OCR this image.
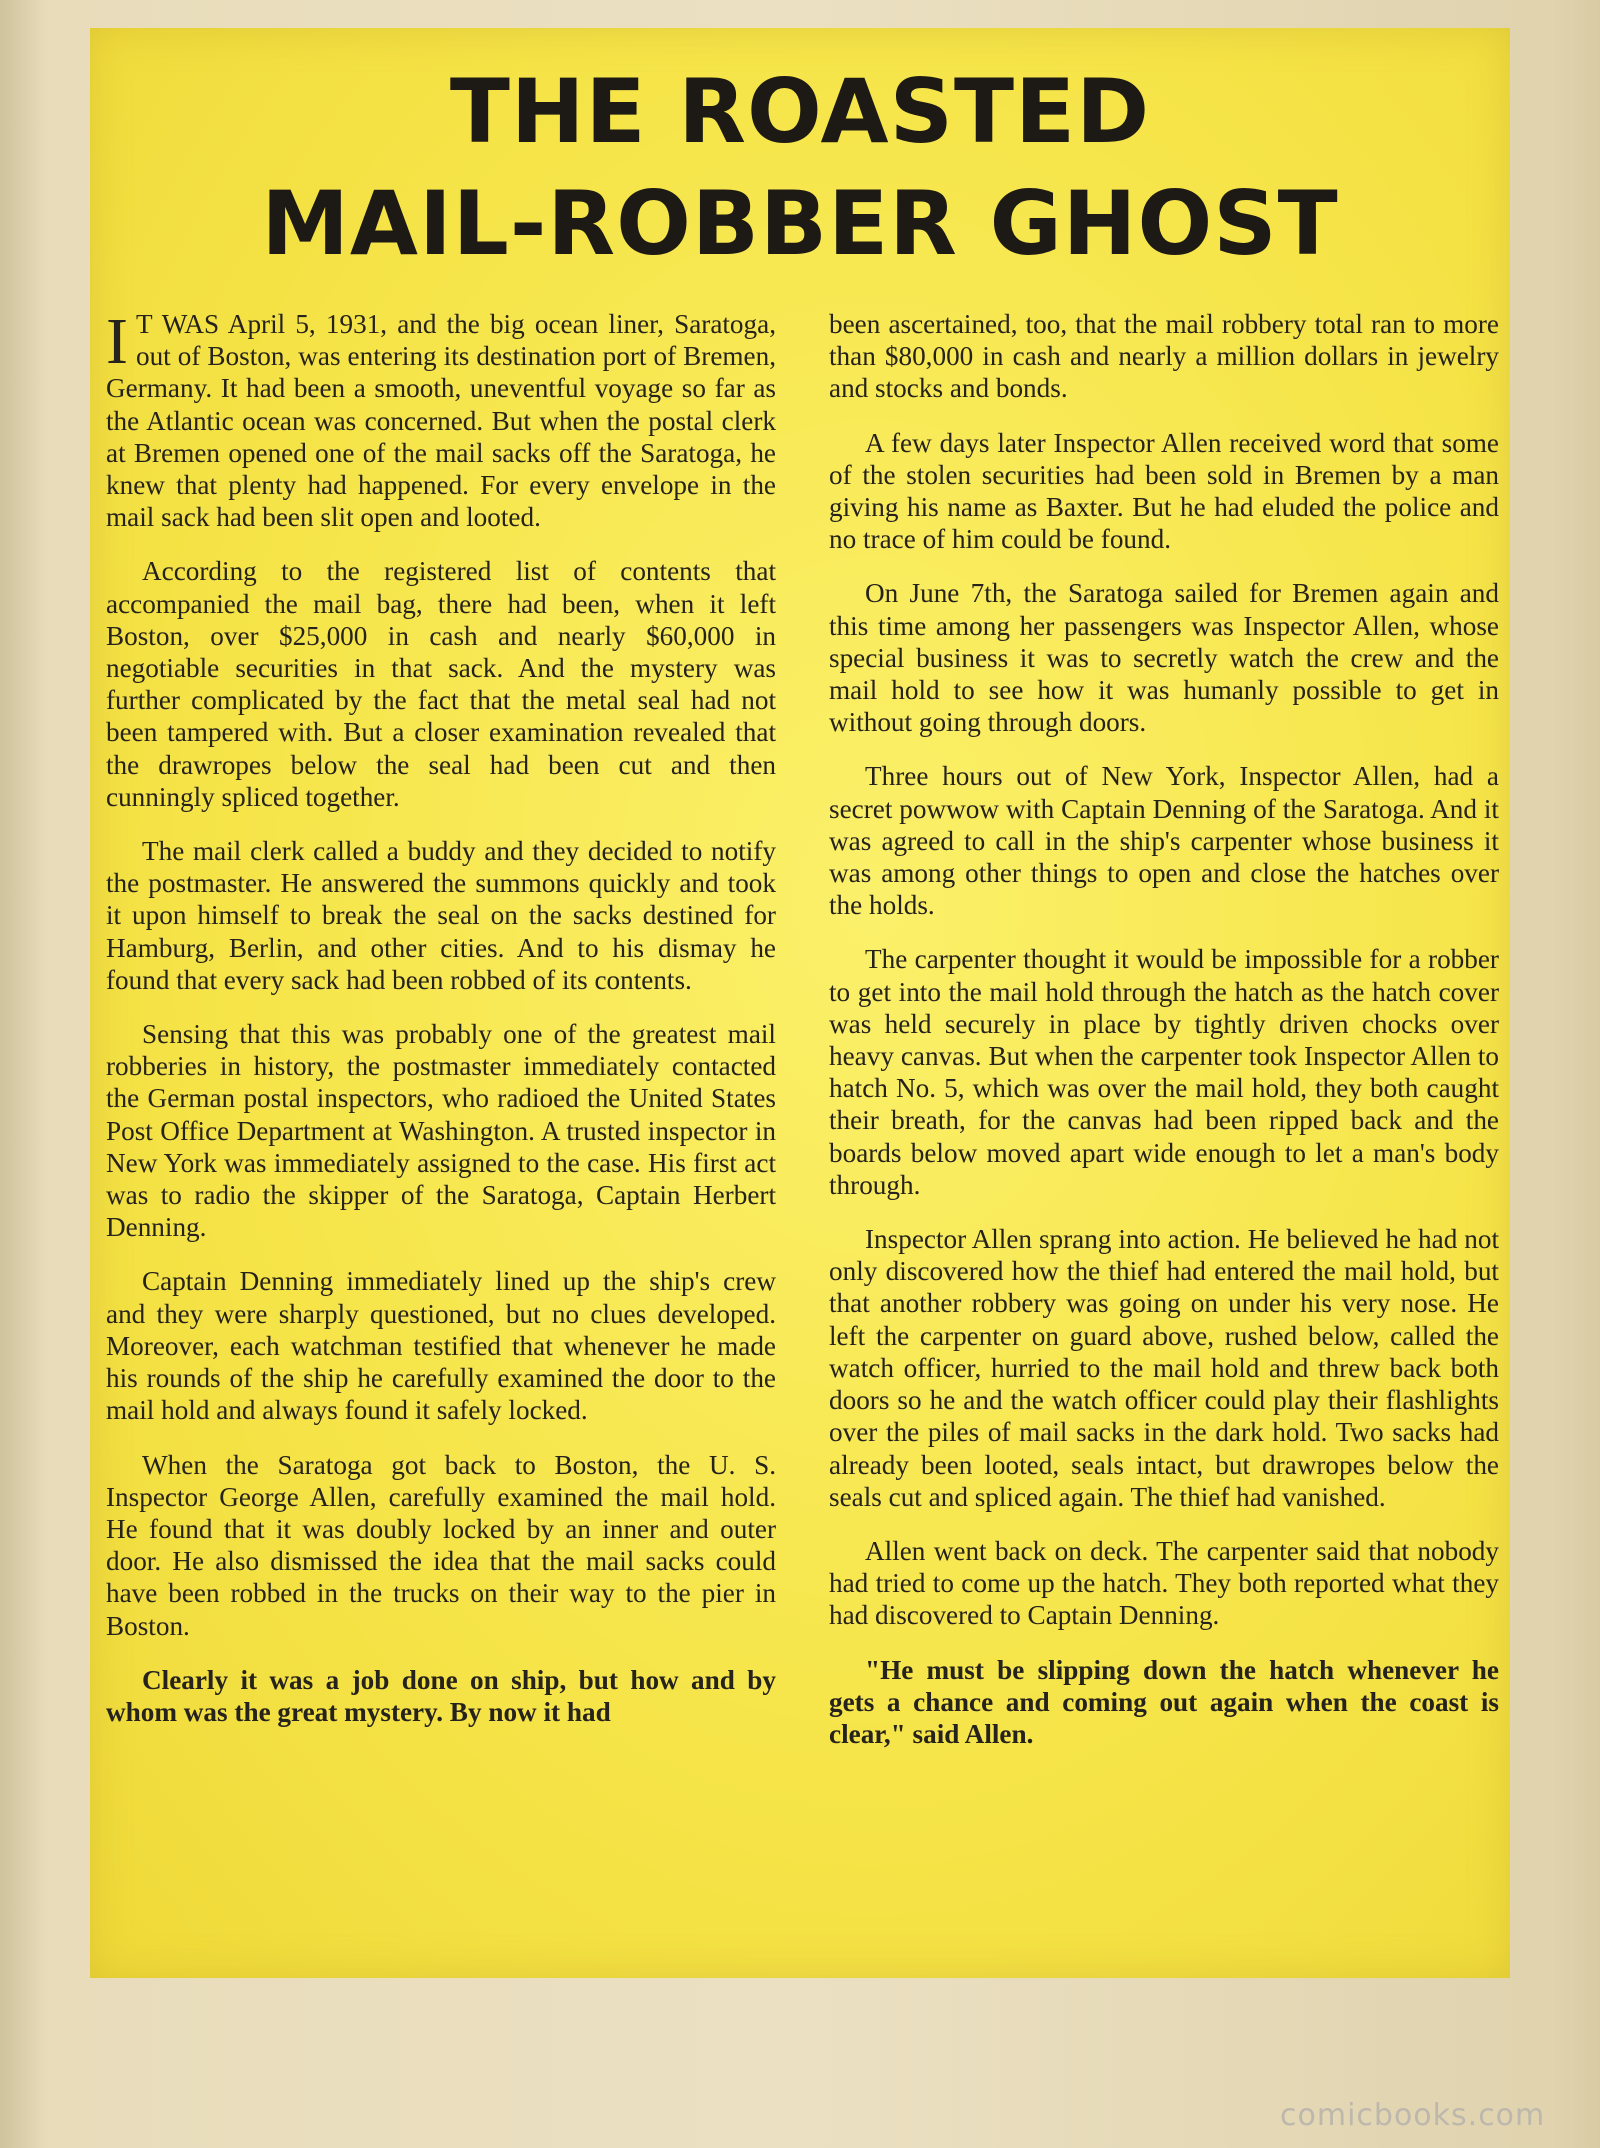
THE ROASTED
MAIL-ROBBER GHOST

I T WAS April 5, 1931, and the big ocean liner, Saratoga, out of Boston, was entering its destination port of Bremen, Germany. It had been a smooth, uneventful voyage so far as the Atlantic ocean was concerned. But when the postal clerk at Bremen opened one of the mail sacks off the Saratoga, he knew that plenty had happened. For every envelope in the mail sack had been slit open and looted.

According to the registered list of contents that accompanied the mail bag, there had been, when it left Boston, over $25,000 in cash and nearly $60,000 in negotiable securities in that sack. And the mystery was further complicated by the fact that the metal seal had not been tampered with. But a closer examination revealed that the drawropes below the seal had been cut and then cunningly spliced together.

The mail clerk called a buddy and they decided to notify the postmaster. He answered the summons quickly and took it upon himself to break the seal on the sacks destined for Hamburg, Berlin, and other cities. And to his dismay he found that every sack had been robbed of its contents.

Sensing that this was probably one of the greatest mail robberies in history, the postmaster immediately contacted the German postal inspectors, who radioed the United States Post Office Department at Washington. A trusted inspector in New York was immediately assigned to the case. His first act was to radio the skipper of the Saratoga, Captain Herbert Denning.

Captain Denning immediately lined up the ship's crew and they were sharply questioned, but no clues developed. Moreover, each watchman testified that whenever he made his rounds of the ship he carefully examined the door to the mail hold and always found it safely locked.

When the Saratoga got back to Boston, the U. S. Inspector George Allen, carefully examined the mail hold. He found that it was doubly locked by an inner and outer door. He also dismissed the idea that the mail sacks could have been robbed in the trucks on their way to the pier in Boston.

Clearly it was a job done on ship, but how and by whom was the great mystery. By now it had

been ascertained, too, that the mail robbery total ran to more than $80,000 in cash and nearly a million dollars in jewelry and stocks and bonds.

A few days later Inspector Allen received word that some of the stolen securities had been sold in Bremen by a man giving his name as Baxter. But he had eluded the police and no trace of him could be found.

On June 7th, the Saratoga sailed for Bremen again and this time among her passengers was Inspector Allen, whose special business it was to secretly watch the crew and the mail hold to see how it was humanly possible to get in without going through doors.

Three hours out of New York, Inspector Allen, had a secret powwow with Captain Denning of the Saratoga. And it was agreed to call in the ship's carpenter whose business it was among other things to open and close the hatches over the holds.

The carpenter thought it would be impossible for a robber to get into the mail hold through the hatch as the hatch cover was held securely in place by tightly driven chocks over heavy canvas. But when the carpenter took Inspector Allen to hatch No. 5, which was over the mail hold, they both caught their breath, for the canvas had been ripped back and the boards below moved apart wide enough to let a man's body through.

Inspector Allen sprang into action. He believed he had not only discovered how the thief had entered the mail hold, but that another robbery was going on under his very nose. He left the carpenter on guard above, rushed below, called the watch officer, hurried to the mail hold and threw back both doors so he and the watch officer could play their flashlights over the piles of mail sacks in the dark hold. Two sacks had already been looted, seals intact, but drawropes below the seals cut and spliced again. The thief had vanished.

Allen went back on deck. The carpenter said that nobody had tried to come up the hatch. They both reported what they had discovered to Captain Denning.

"He must be slipping down the hatch whenever he gets a chance and coming out again when the coast is clear," said Allen.

comicbooks.com
